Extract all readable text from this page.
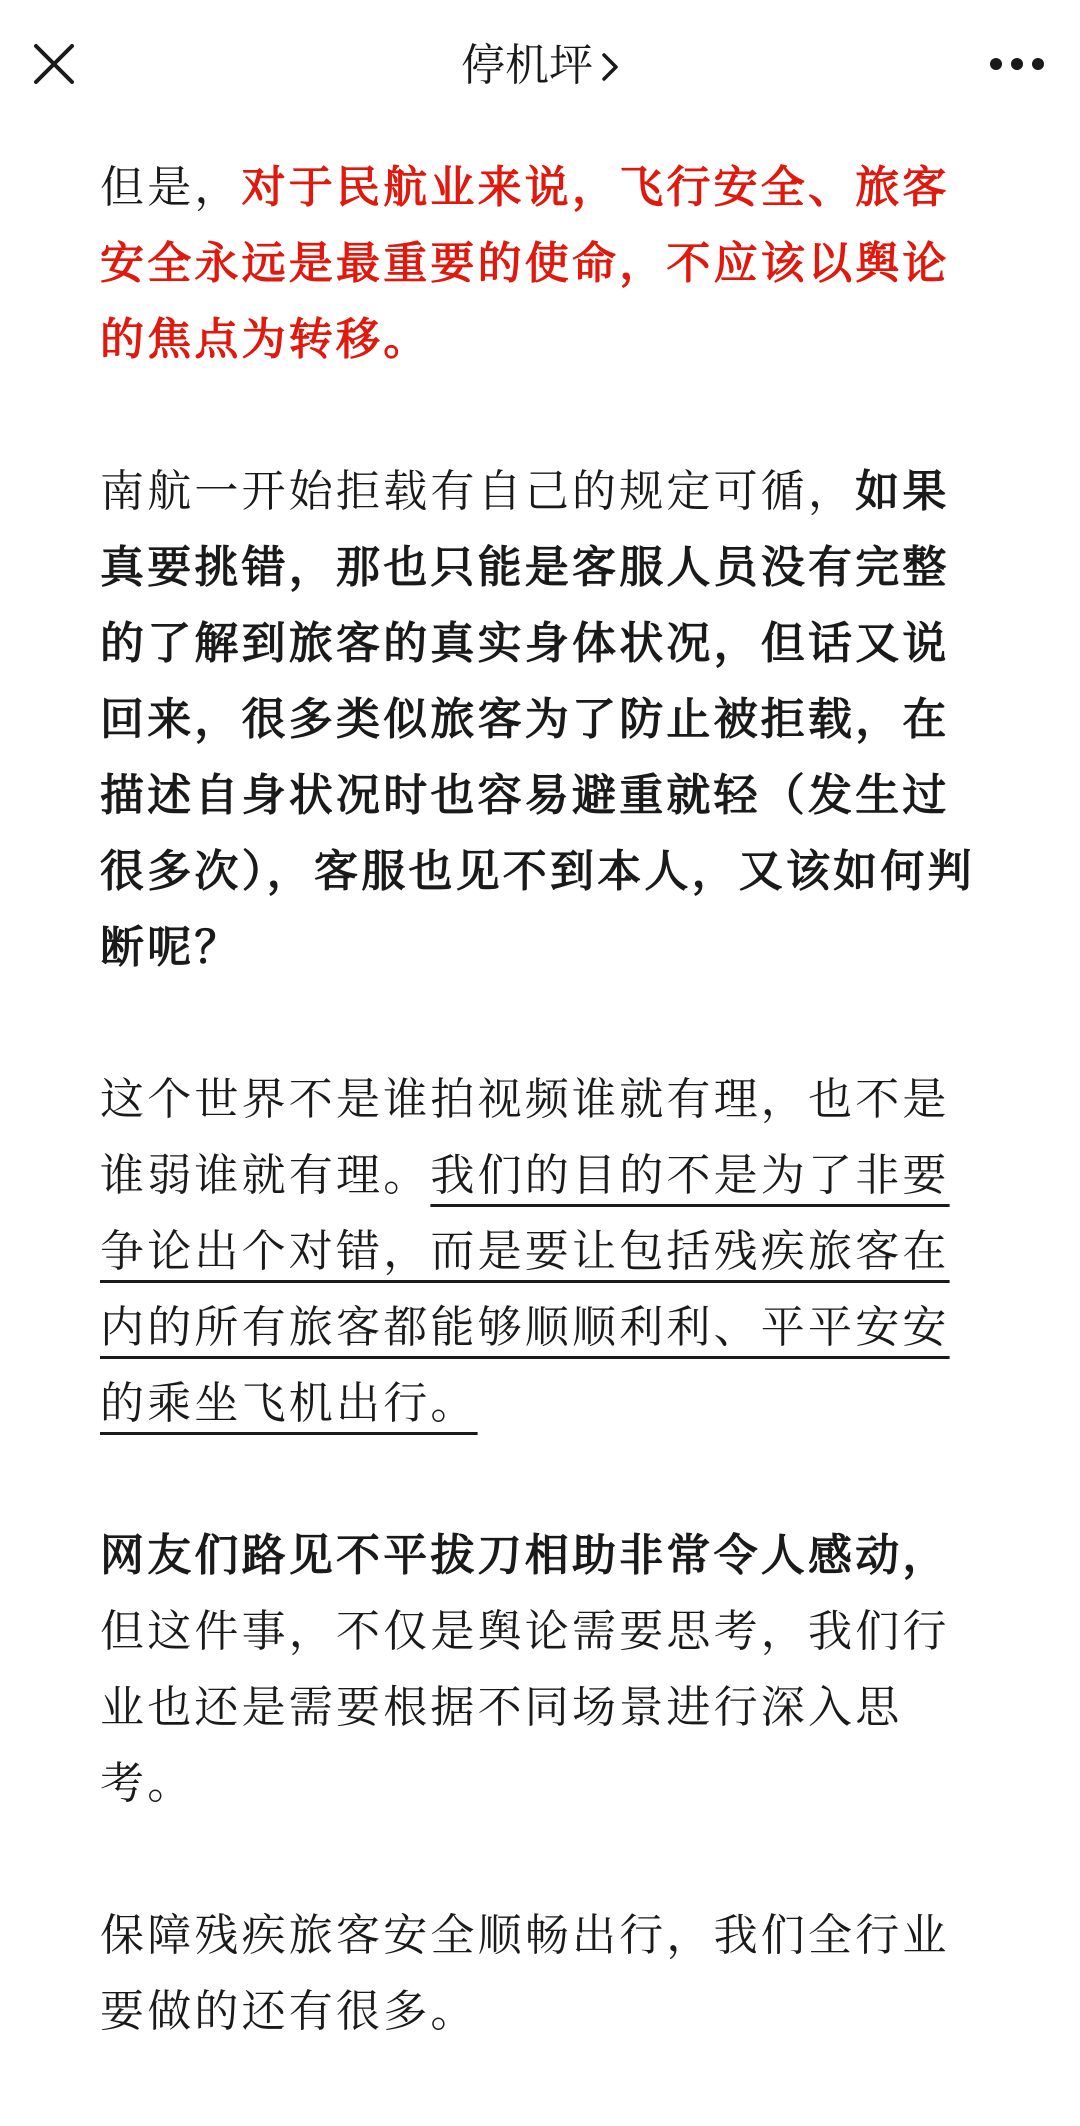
停机坪

但是，对于民航业来说，飞行安全、旅客安全永远是最重要的使命，不应该以舆论的焦点为转移。

南航一开始拒载有自己的规定可循，如果真要挑错，那也只能是客服人员没有完整的了解到旅客的真实身体状况，但话又说回来，很多类似旅客为了防止被拒载，在描述自身状况时也容易避重就轻（发生过很多次），客服也见不到本人，又该如何判断呢？

这个世界不是谁拍视频谁就有理，也不是谁弱谁就有理。我们的目的不是为了非要争论出个对错，而是要让包括残疾旅客在内的所有旅客都能够顺顺利利、平平安安的乘坐飞机出行。

网友们路见不平拔刀相助非常令人感动，但这件事，不仅是舆论需要思考，我们行业也还是需要根据不同场景进行深入思考。

保障残疾旅客安全顺畅出行，我们全行业要做的还有很多。
